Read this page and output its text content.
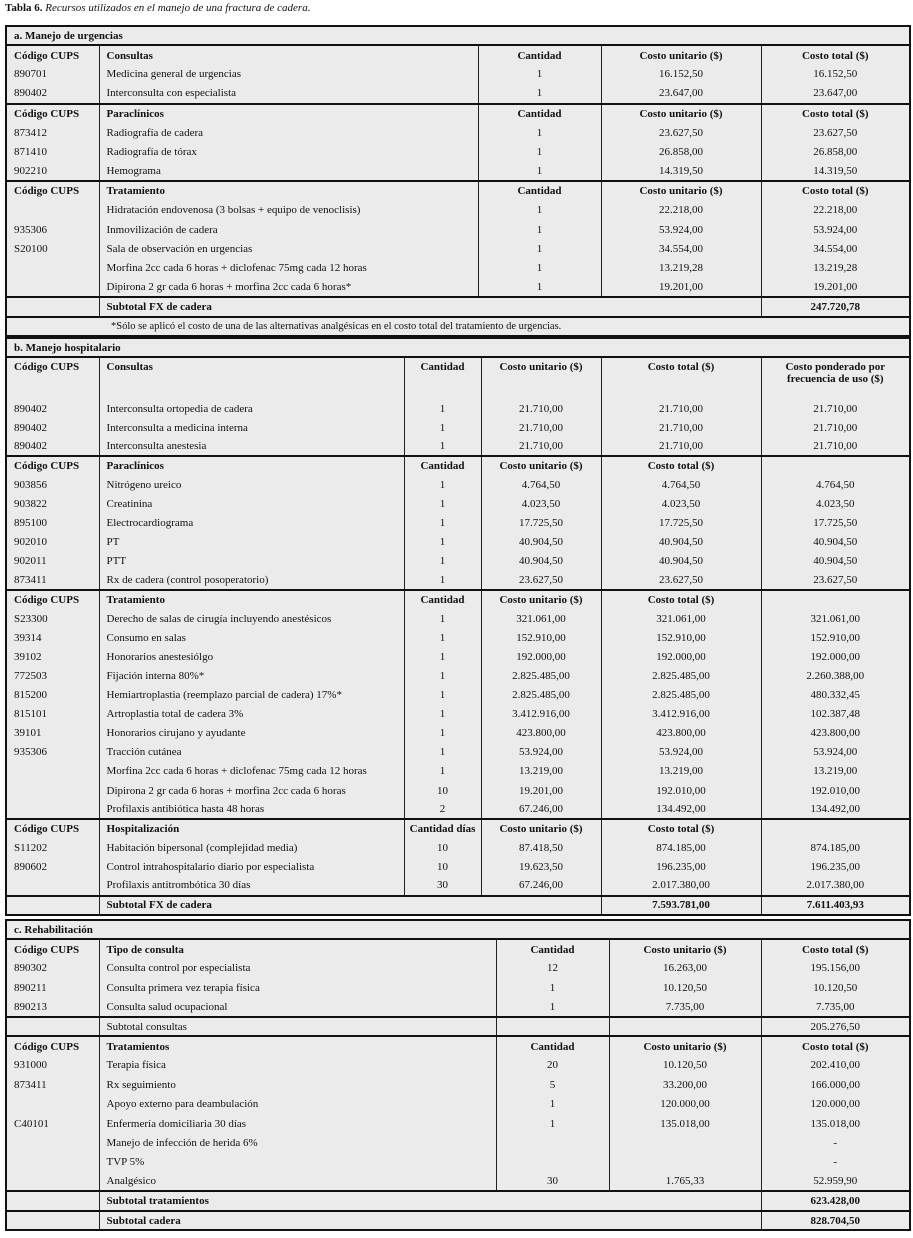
Tabla 6. Recursos utilizados en el manejo de una fractura de cadera.
a. Manejo de urgencias				
Código CUPS	Consultas	Cantidad	Costo unitario ($)	Costo total ($)
890701	Medicina general de urgencias	1	16.152,50	16.152,50
890402	Interconsulta con especialista	1	23.647,00	23.647,00
Código CUPS	Paraclínicos	Cantidad	Costo unitario ($)	Costo total ($)
873412	Radiografía de cadera	1	23.627,50	23.627,50
871410	Radiografía de tórax	1	26.858,00	26.858,00
902210	Hemograma	1	14.319,50	14.319,50
Código CUPS	Tratamiento	Cantidad	Costo unitario ($)	Costo total ($)
	Hidratación endovenosa (3 bolsas + equipo de venoclisis)	1	22.218,00	22.218,00
935306	Inmovilización de cadera	1	53.924,00	53.924,00
S20100	Sala de observación en urgencias	1	34.554,00	34.554,00
	Morfina 2cc cada 6 horas + diclofenac 75mg cada 12 horas	1	13.219,28	13.219,28
	Dipirona 2 gr cada 6 horas + morfina 2cc cada 6 horas*	1	19.201,00	19.201,00
	Subtotal FX de cadera			247.720,78
*Sólo se aplicó el costo de una de las alternativas analgésicas en el costo total del tratamiento de urgencias.				
b. Manejo hospitalario					
Código CUPS	Consultas	Cantidad	Costo unitario ($)	Costo total ($)	Costo ponderado por frecuencia de uso ($)
890402	Interconsulta ortopedia de cadera	1	21.710,00	21.710,00	21.710,00
890402	Interconsulta a medicina interna	1	21.710,00	21.710,00	21.710,00
890402	Interconsulta anestesia	1	21.710,00	21.710,00	21.710,00
Código CUPS	Paraclínicos	Cantidad	Costo unitario ($)	Costo total ($)	
903856	Nitrógeno ureico	1	4.764,50	4.764,50	4.764,50
903822	Creatinina	1	4.023,50	4.023,50	4.023,50
895100	Electrocardiograma	1	17.725,50	17.725,50	17.725,50
902010	PT	1	40.904,50	40.904,50	40.904,50
902011	PTT	1	40.904,50	40.904,50	40.904,50
873411	Rx de cadera (control posoperatorio)	1	23.627,50	23.627,50	23.627,50
Código CUPS	Tratamiento	Cantidad	Costo unitario ($)	Costo total ($)	
S23300	Derecho de salas de cirugía incluyendo anestésicos	1	321.061,00	321.061,00	321.061,00
39314	Consumo en salas	1	152.910,00	152.910,00	152.910,00
39102	Honorarios anestesiólgo	1	192.000,00	192.000,00	192.000,00
772503	Fijación interna 80%*	1	2.825.485,00	2.825.485,00	2.260.388,00
815200	Hemiartroplastia (reemplazo parcial de cadera) 17%*	1	2.825.485,00	2.825.485,00	480.332,45
815101	Artroplastia total de cadera 3%	1	3.412.916,00	3.412.916,00	102.387,48
39101	Honorarios cirujano y ayudante	1	423.800,00	423.800,00	423.800,00
935306	Tracción cutánea	1	53.924,00	53.924,00	53.924,00
	Morfina 2cc cada 6 horas + diclofenac 75mg cada 12 horas	1	13.219,00	13.219,00	13.219,00
	Dipirona 2 gr cada 6 horas + morfina 2cc cada 6 horas	10	19.201,00	192.010,00	192.010,00
	Profilaxis antibiótica hasta 48 horas	2	67.246,00	134.492,00	134.492,00
Código CUPS	Hospitalización	Cantidad días	Costo unitario ($)	Costo total ($)	
S11202	Habitación bipersonal (complejidad media)	10	87.418,50	874.185,00	874.185,00
890602	Control intrahospitalario diario por especialista	10	19.623,50	196.235,00	196.235,00
	Profilaxis antitrombótica 30 días	30	67.246,00	2.017.380,00	2.017.380,00
	Subtotal FX de cadera			7.593.781,00	7.611.403,93
c. Rehabilitación				
Código CUPS	Tipo de consulta	Cantidad	Costo unitario ($)	Costo total ($)
890302	Consulta control por especialista	12	16.263,00	195.156,00
890211	Consulta primera vez terapia física	1	10.120,50	10.120,50
890213	Consulta salud ocupacional	1	7.735,00	7.735,00
	Subtotal consultas			205.276,50
Código CUPS	Tratamientos	Cantidad	Costo unitario ($)	Costo total ($)
931000	Terapia física	20	10.120,50	202.410,00
873411	Rx seguimiento	5	33.200,00	166.000,00
	Apoyo externo para deambulación	1	120.000,00	120.000,00
C40101	Enfermería domiciliaria 30 días	1	135.018,00	135.018,00
	Manejo de infección de herida 6%			-
	TVP 5%			-
	Analgésico	30	1.765,33	52.959,90
	Subtotal tratamientos			623.428,00
	Subtotal cadera			828.704,50
